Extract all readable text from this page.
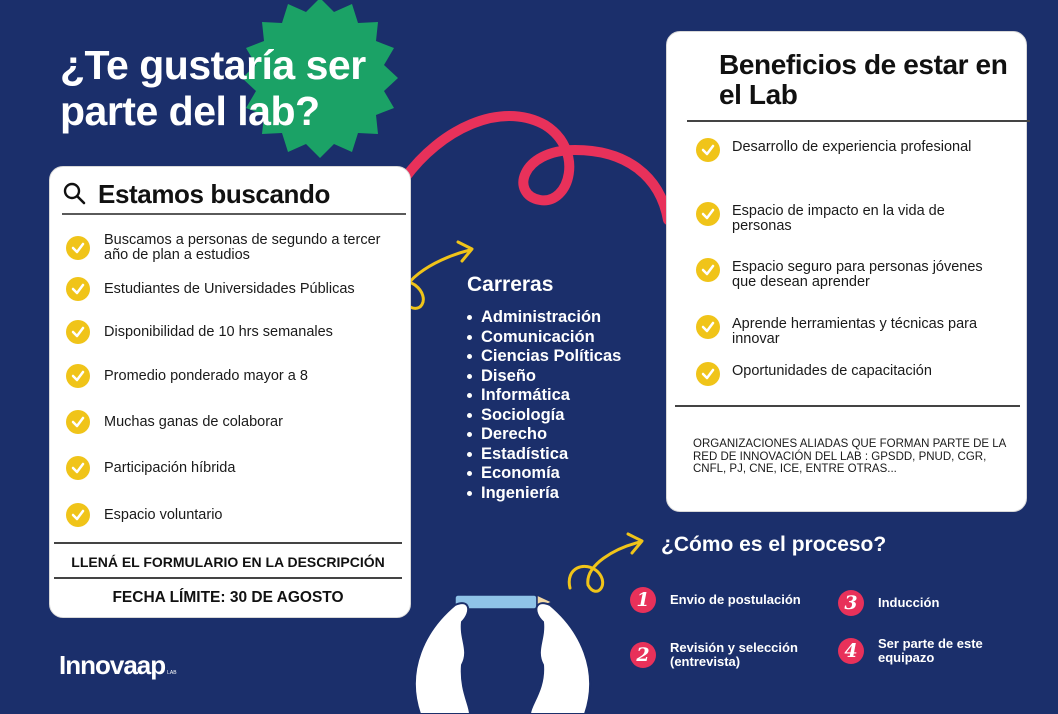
¿Te gustaría ser parte del lab?
Estamos buscando
Buscamos a personas de segundo a tercer año de plan a estudios
Estudiantes de Universidades Públicas
Disponibilidad de 10 hrs semanales
Promedio ponderado mayor a 8
Muchas ganas de colaborar
Participación híbrida
Espacio voluntario
LLENÁ EL FORMULARIO EN LA DESCRIPCIÓN
FECHA LÍMITE: 30 DE AGOSTO
Carreras
Administración
Comunicación
Ciencias Políticas
Diseño
Informática
Sociología
Derecho
Estadística
Economía
Ingeniería
Beneficios de estar en el Lab
Desarrollo de experiencia profesional
Espacio de impacto en la vida de personas
Espacio seguro para personas jóvenes que desean aprender
Aprende herramientas y técnicas para innovar
Oportunidades de capacitación
ORGANIZACIONES ALIADAS QUE FORMAN PARTE DE LA RED DE INNOVACIÓN DEL LAB : GPSDD, PNUD, CGR, CNFL, PJ, CNE, ICE, ENTRE OTRAS...
¿Cómo es el proceso?
1	Envio de postulación
2	Revisión y selección (entrevista)
3	Inducción
4	Ser parte de este equipazo
Innovaap LAB
